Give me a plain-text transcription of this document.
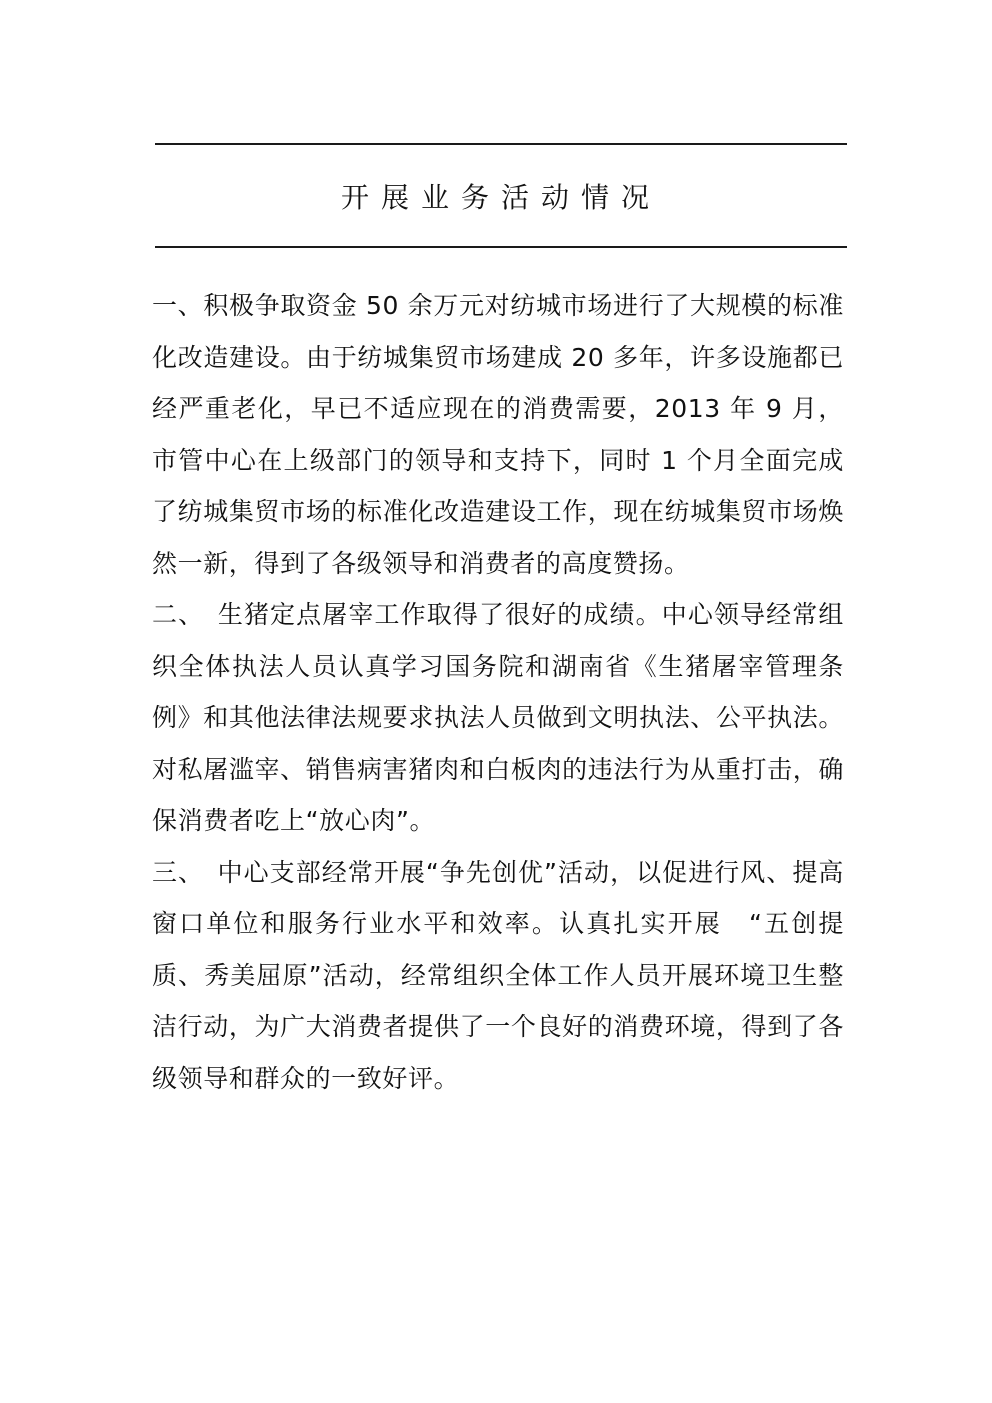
开展业务活动情况

一、积极争取资金 50 余万元对纺城市场进行了大规模的标准化改造建设。由于纺城集贸市场建成 20 多年，许多设施都已经严重老化，早已不适应现在的消费需要，2013 年 9 月，市管中心在上级部门的领导和支持下，同时 1 个月全面完成了纺城集贸市场的标准化改造建设工作，现在纺城集贸市场焕然一新，得到了各级领导和消费者的高度赞扬。

二、　生猪定点屠宰工作取得了很好的成绩。中心领导经常组织全体执法人员认真学习国务院和湖南省《生猪屠宰管理条例》和其他法律法规要求执法人员做到文明执法、公平执法。对私屠滥宰、销售病害猪肉和白板肉的违法行为从重打击，确保消费者吃上“放心肉”。

三、　中心支部经常开展“争先创优”活动，以促进行风、提高窗口单位和服务行业水平和效率。认真扎实开展　“五创提质、秀美屈原”活动，经常组织全体工作人员开展环境卫生整洁行动，为广大消费者提供了一个良好的消费环境，得到了各级领导和群众的一致好评。
